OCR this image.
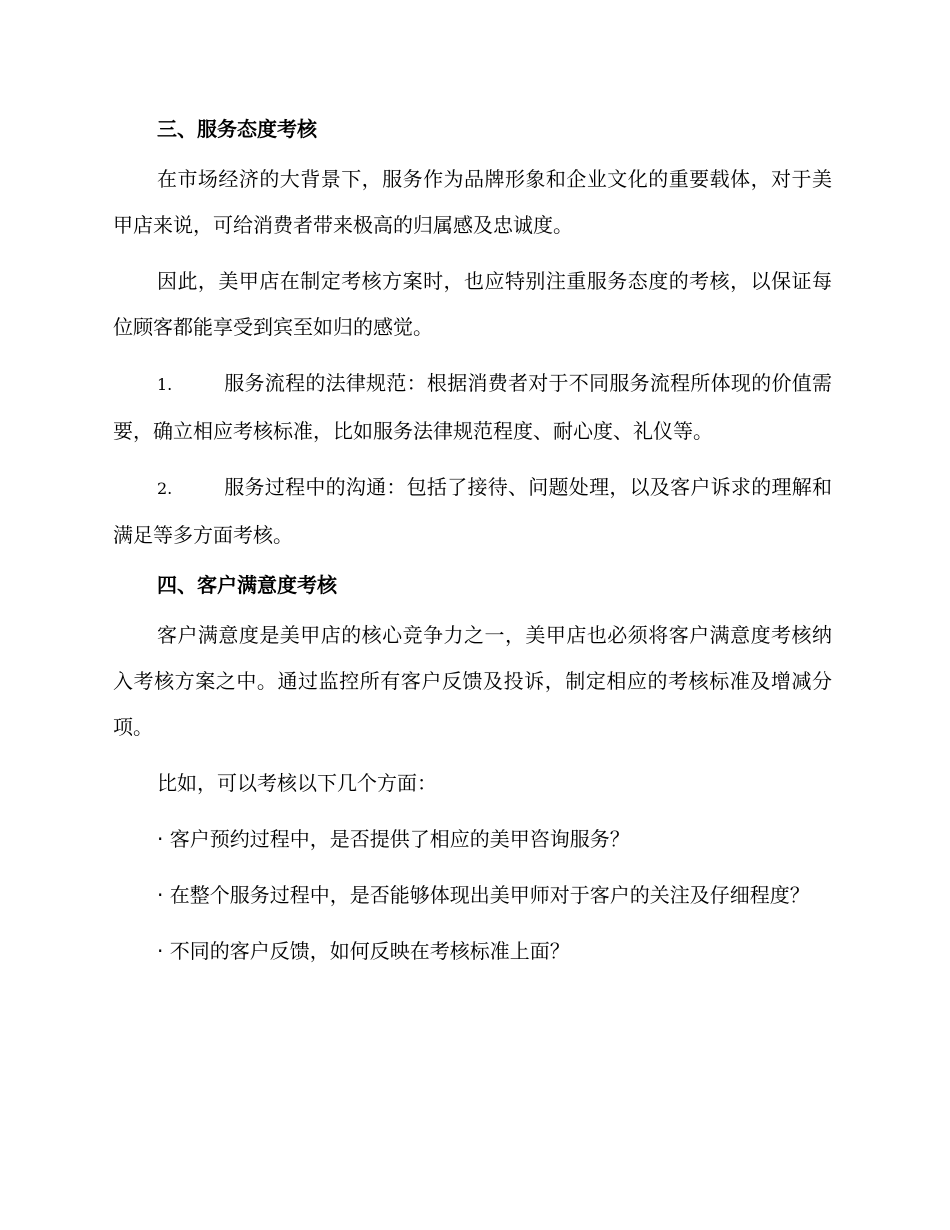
三、服务态度考核

在市场经济的大背景下，服务作为品牌形象和企业文化的重要载体，对于美甲店来说，可给消费者带来极高的归属感及忠诚度。

因此，美甲店在制定考核方案时，也应特别注重服务态度的考核，以保证每位顾客都能享受到宾至如归的感觉。

1.	服务流程的法律规范：根据消费者对于不同服务流程所体现的价值需要，确立相应考核标准，比如服务法律规范程度、耐心度、礼仪等。

2.	服务过程中的沟通：包括了接待、问题处理，以及客户诉求的理解和满足等多方面考核。

四、客户满意度考核

客户满意度是美甲店的核心竞争力之一，美甲店也必须将客户满意度考核纳入考核方案之中。通过监控所有客户反馈及投诉，制定相应的考核标准及增减分项。

比如，可以考核以下几个方面：

· 客户预约过程中，是否提供了相应的美甲咨询服务？

· 在整个服务过程中，是否能够体现出美甲师对于客户的关注及仔细程度？

· 不同的客户反馈，如何反映在考核标准上面？
